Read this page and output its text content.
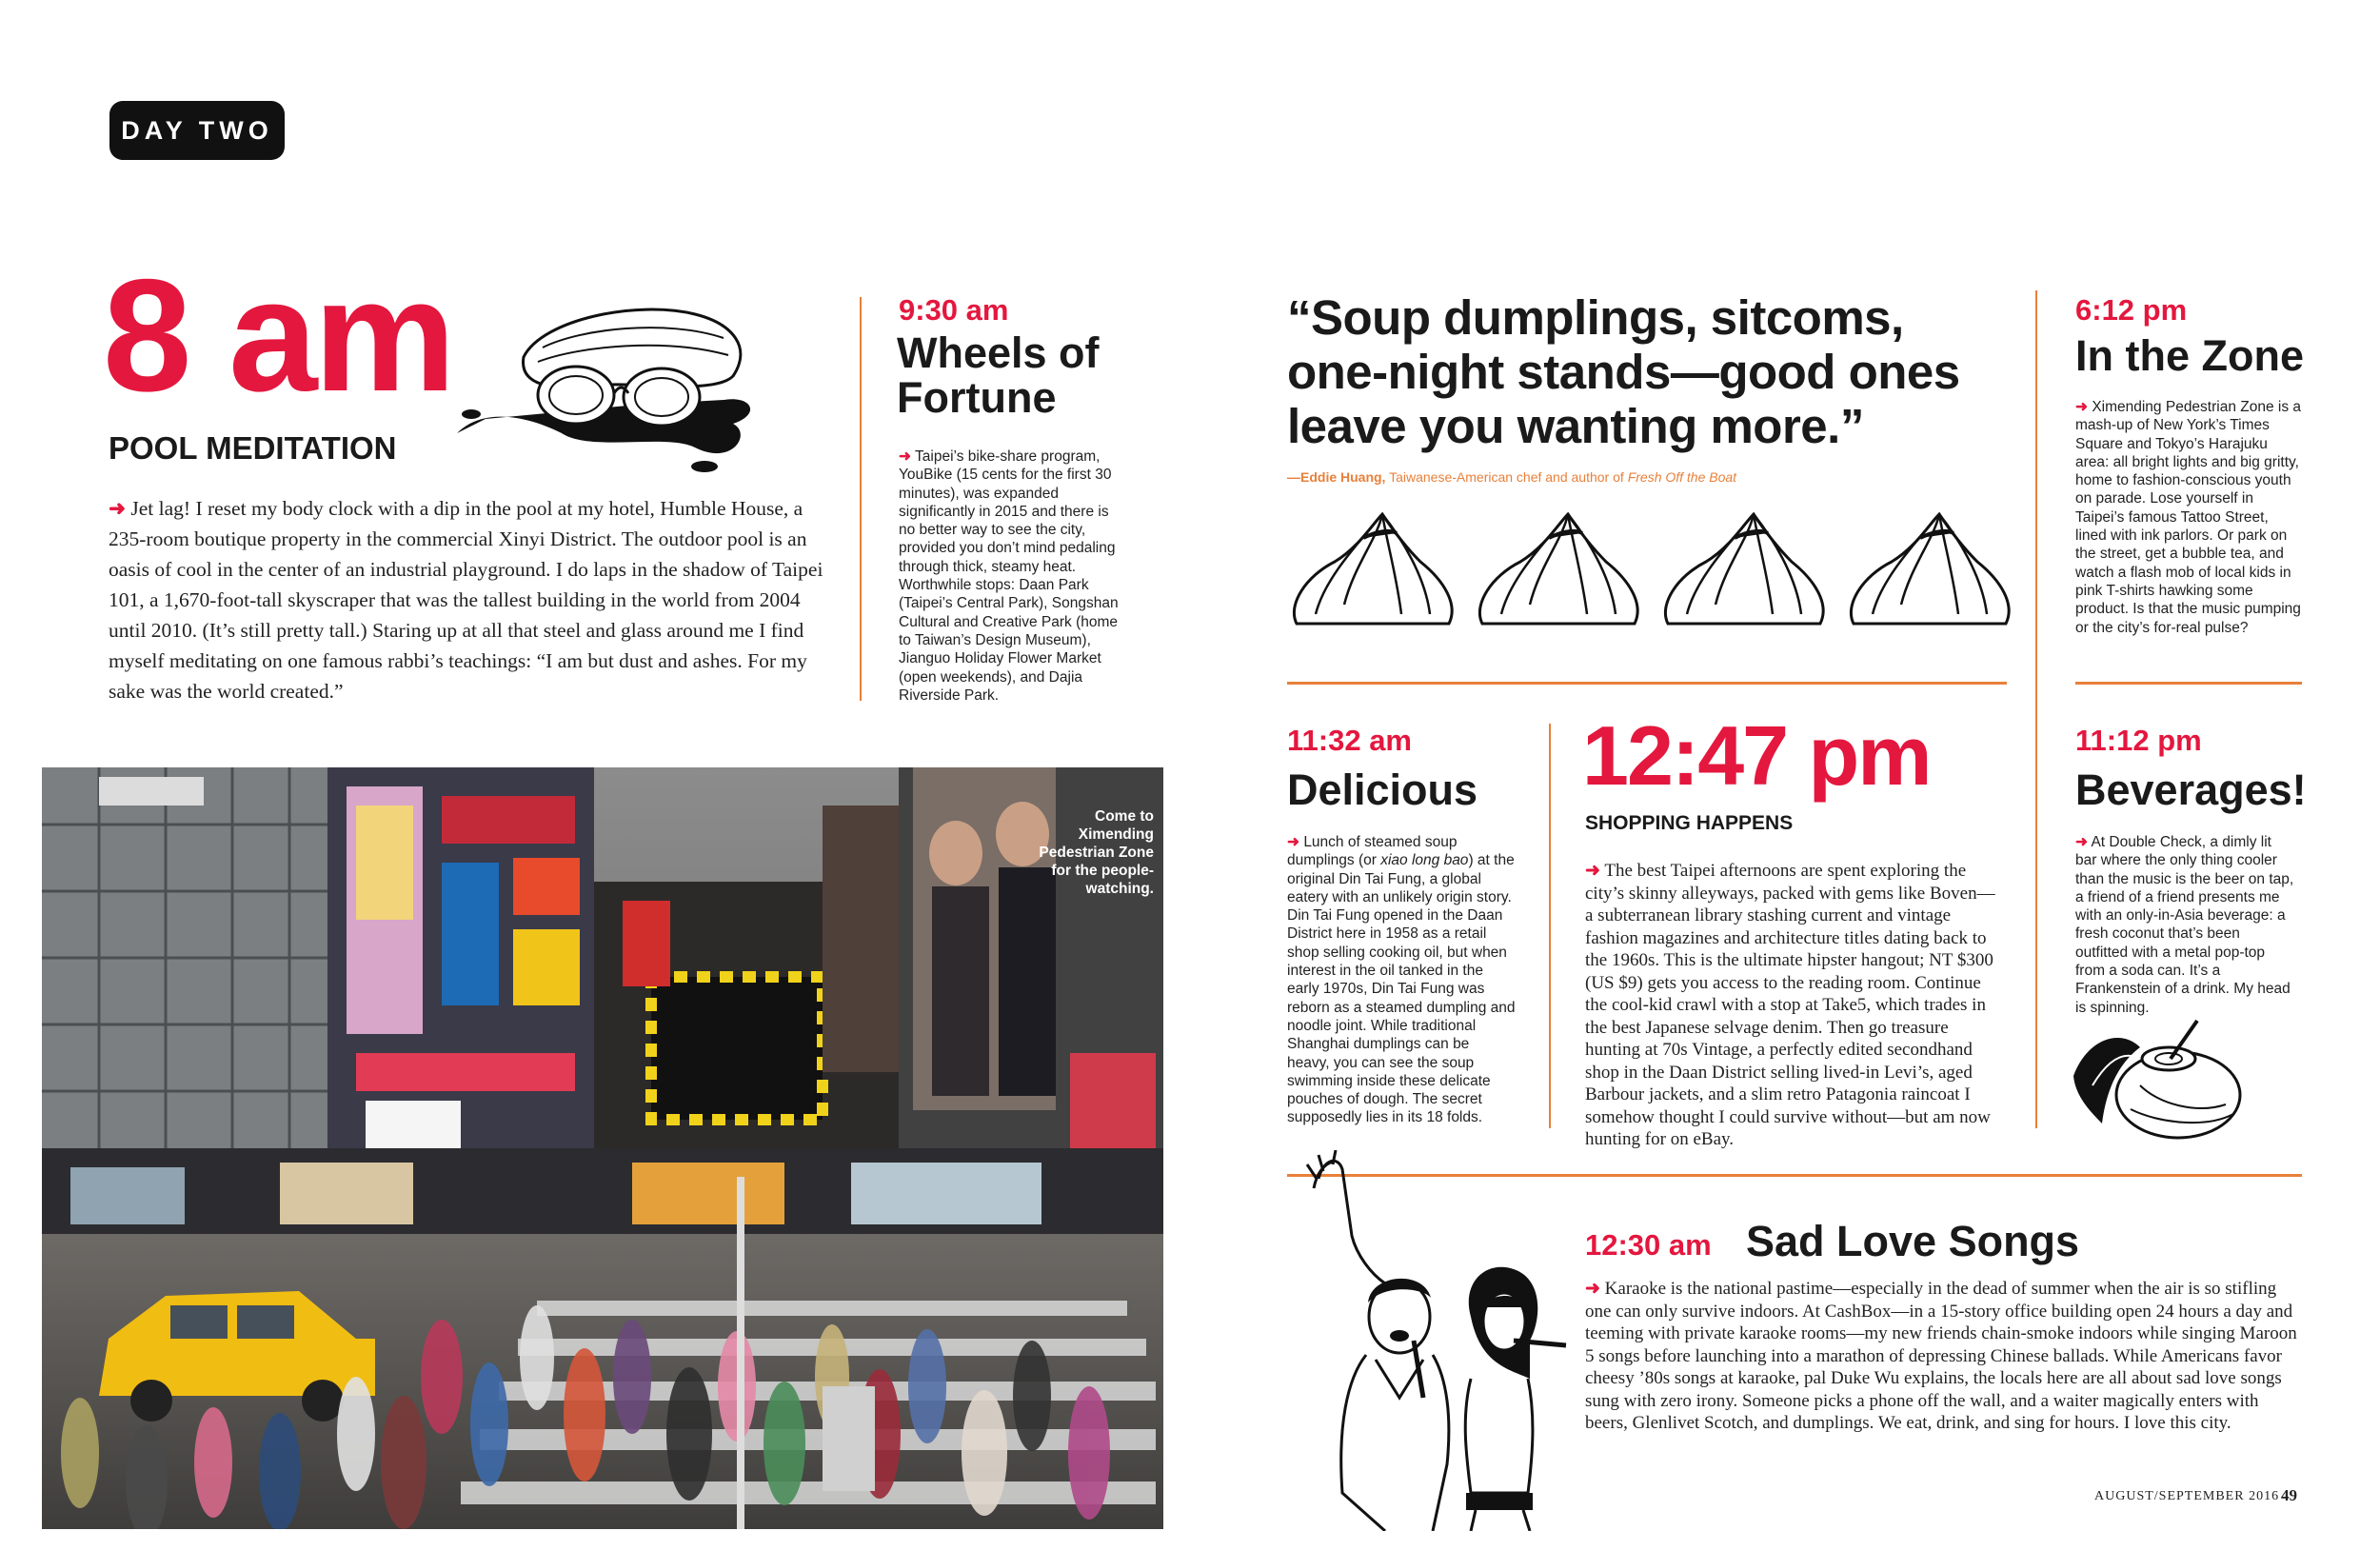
DAY TWO
8 am
POOL MEDITATION
➜ Jet lag! I reset my body clock with a dip in the pool at my hotel, Humble House, a 235-room boutique property in the commercial Xinyi District. The outdoor pool is an oasis of cool in the center of an industrial playground. I do laps in the shadow of Taipei 101, a 1,670-foot-tall skyscraper that was the tallest building in the world from 2004 until 2010. (It’s still pretty tall.) Staring up at all that steel and glass around me I find myself meditating on one famous rabbi’s teachings: “I am but dust and ashes. For my sake was the world created.”
9:30 am
Wheels of
Fortune
➜ Taipei’s bike-share program, YouBike (15 cents for the first 30 minutes), was expanded significantly in 2015 and there is no better way to see the city, provided you don’t mind pedaling through thick, steamy heat. Worthwhile stops: Daan Park (Taipei’s Central Park), Songshan Cultural and Creative Park (home to Taiwan’s Design Museum), Jianguo Holiday Flower Market (open weekends), and Dajia Riverside Park.
Come to Ximending Pedestrian Zone for the people-watching.
“Soup dumplings, sitcoms,
one-night stands—good ones
leave you wanting more.”
—Eddie Huang, Taiwanese-American chef and author of Fresh Off the Boat
6:12 pm
In the Zone
➜ Ximending Pedestrian Zone is a mash-up of New York’s Times Square and Tokyo’s Harajuku area: all bright lights and big gritty, home to fashion-conscious youth on parade. Lose yourself in Taipei’s famous Tattoo Street, lined with ink parlors. Or park on the street, get a bubble tea, and watch a flash mob of local kids in pink T-shirts hawking some product. Is that the music pumping or the city’s for-real pulse?
11:32 am
Delicious
➜ Lunch of steamed soup dumplings (or xiao long bao) at the original Din Tai Fung, a global eatery with an unlikely origin story. Din Tai Fung opened in the Daan District here in 1958 as a retail shop selling cooking oil, but when interest in the oil tanked in the early 1970s, Din Tai Fung was reborn as a steamed dumpling and noodle joint. While traditional Shanghai dumplings can be heavy, you can see the soup swimming inside these delicate pouches of dough. The secret supposedly lies in its 18 folds.
12:47 pm
SHOPPING HAPPENS
➜ The best Taipei afternoons are spent exploring the city’s skinny alleyways, packed with gems like Boven—a subterranean library stashing current and vintage fashion magazines and architecture titles dating back to the 1960s. This is the ultimate hipster hangout; NT $300 (US $9) gets you access to the reading room. Continue the cool-kid crawl with a stop at Take5, which trades in the best Japanese selvage denim. Then go treasure hunting at 70s Vintage, a perfectly edited secondhand shop in the Daan District selling lived-in Levi’s, aged Barbour jackets, and a slim retro Patagonia raincoat I somehow thought I could survive without—but am now hunting for on eBay.
11:12 pm
Beverages!
➜ At Double Check, a dimly lit bar where the only thing cooler than the music is the beer on tap, a friend of a friend presents me with an only-in-Asia beverage: a fresh coconut that’s been outfitted with a metal pop-top from a soda can. It’s a Frankenstein of a drink. My head is spinning.
12:30 am Sad Love Songs
➜ Karaoke is the national pastime—especially in the dead of summer when the air is so stifling one can only survive indoors. At CashBox—in a 15-story office building open 24 hours a day and teeming with private karaoke rooms—my new friends chain-smoke indoors while singing Maroon 5 songs before launching into a marathon of depressing Chinese ballads. While Americans favor cheesy ’80s songs at karaoke, pal Duke Wu explains, the locals here are all about sad love songs sung with zero irony. Someone picks a phone off the wall, and a waiter magically enters with beers, Glenlivet Scotch, and dumplings. We eat, drink, and sing for hours. I love this city.
AUGUST/SEPTEMBER 2016 49
